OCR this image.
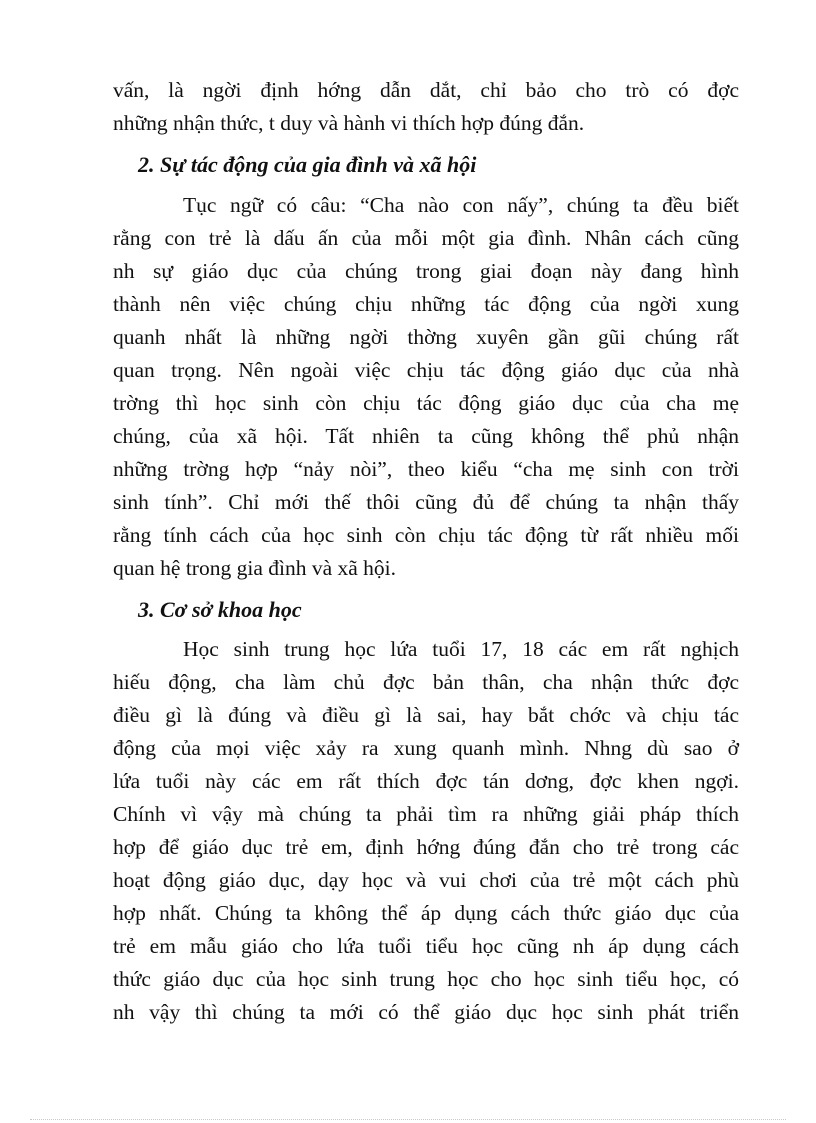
vấn, là ngời định hớng dẫn dắt, chỉ bảo cho trò có đợc
những nhận thức, t duy và hành vi thích hợp đúng đắn.
2. Sự tác động của gia đình và xã hội
Tục ngữ có câu: “Cha nào con nấy”, chúng ta đều biết
rằng con trẻ là dấu ấn của mỗi một gia đình. Nhân cách cũng
nh sự giáo dục của chúng trong giai đoạn này đang hình
thành nên việc chúng chịu những tác động của ngời xung
quanh nhất là những ngời thờng xuyên gần gũi chúng rất
quan trọng. Nên ngoài việc chịu tác động giáo dục của nhà
trờng thì học sinh còn chịu tác động giáo dục của cha mẹ
chúng, của xã hội. Tất nhiên ta cũng không thể phủ nhận
những trờng hợp “nảy nòi”, theo kiểu “cha mẹ sinh con trời
sinh tính”. Chỉ mới thế thôi cũng đủ để chúng ta nhận thấy
rằng tính cách của học sinh còn chịu tác động từ rất nhiều mối
quan hệ trong gia đình và xã hội.
3. Cơ sở khoa học
Học sinh trung học lứa tuổi 17, 18 các em rất nghịch
hiếu động, cha làm chủ đợc bản thân, cha nhận thức đợc
điều gì là đúng và điều gì là sai, hay bắt chớc và chịu tác
động của mọi việc xảy ra xung quanh mình. Nhng dù sao ở
lứa tuổi này các em rất thích đợc tán dơng, đợc khen ngợi.
Chính vì vậy mà chúng ta phải tìm ra những giải pháp thích
hợp để giáo dục trẻ em, định hớng đúng đắn cho trẻ trong các
hoạt động giáo dục, dạy học và vui chơi của trẻ một cách phù
hợp nhất. Chúng ta không thể áp dụng cách thức giáo dục của
trẻ em mẫu giáo cho lứa tuổi tiểu học cũng nh áp dụng cách
thức giáo dục của học sinh trung học cho học sinh tiểu học, có
nh vậy thì chúng ta mới có thể giáo dục học sinh phát triển
